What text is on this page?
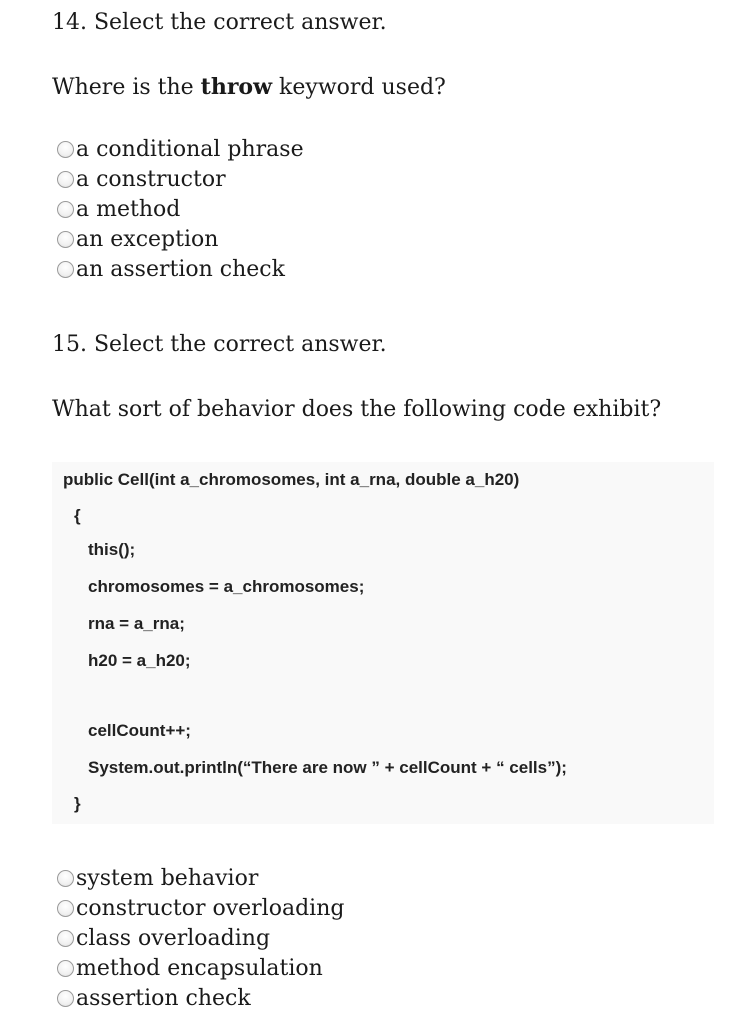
14. Select the correct answer.
Where is the throw keyword used?
a conditional phrase
a constructor
a method
an exception
an assertion check
15. Select the correct answer.
What sort of behavior does the following code exhibit?
public Cell(int a_chromosomes, int a_rna, double a_h20)
{
this();
chromosomes = a_chromosomes;
rna = a_rna;
h20 = a_h20;
cellCount++;
System.out.println(“There are now ” + cellCount + “ cells”);
}
system behavior
constructor overloading
class overloading
method encapsulation
assertion check
